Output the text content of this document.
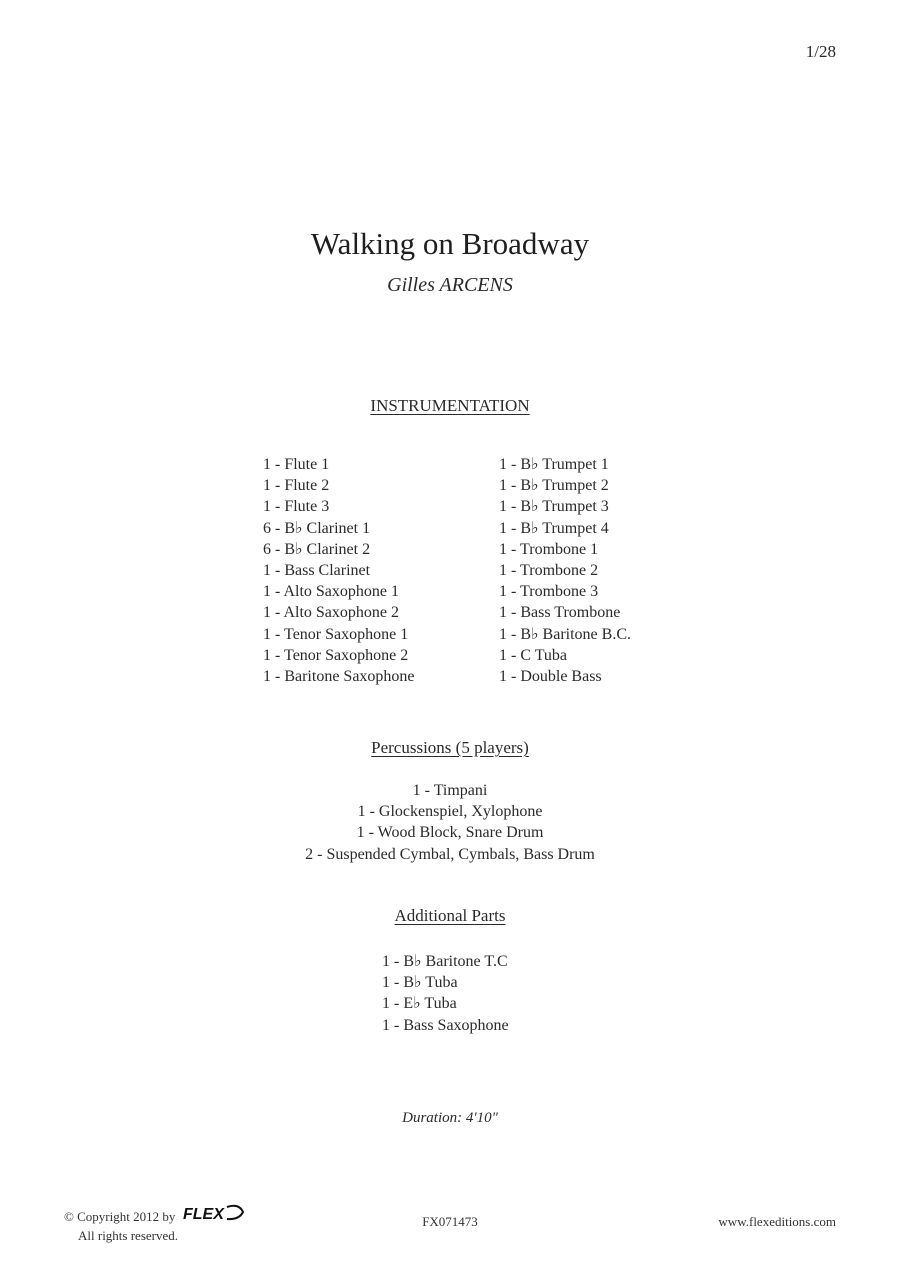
1/28
Walking on Broadway
Gilles ARCENS
INSTRUMENTATION
1 - Flute 1
1 - Flute 2
1 - Flute 3
6 - B♭ Clarinet 1
6 - B♭ Clarinet 2
1 - Bass Clarinet
1 - Alto Saxophone 1
1 - Alto Saxophone 2
1 - Tenor Saxophone 1
1 - Tenor Saxophone 2
1 - Baritone Saxophone
1 - B♭ Trumpet 1
1 - B♭ Trumpet 2
1 - B♭ Trumpet 3
1 - B♭ Trumpet 4
1 - Trombone 1
1 - Trombone 2
1 - Trombone 3
1 - Bass Trombone
1 - B♭ Baritone B.C.
1 - C Tuba
1 - Double Bass
Percussions (5 players)
1 - Timpani
1 - Glockenspiel, Xylophone
1 - Wood Block, Snare Drum
2 - Suspended Cymbal, Cymbals, Bass Drum
Additional Parts
1 - B♭ Baritone T.C
1 - B♭ Tuba
1 - E♭ Tuba
1 - Bass Saxophone
Duration: 4'10"
© Copyright 2012 by FLEX
All rights reserved.
FX071473	www.flexeditions.com
